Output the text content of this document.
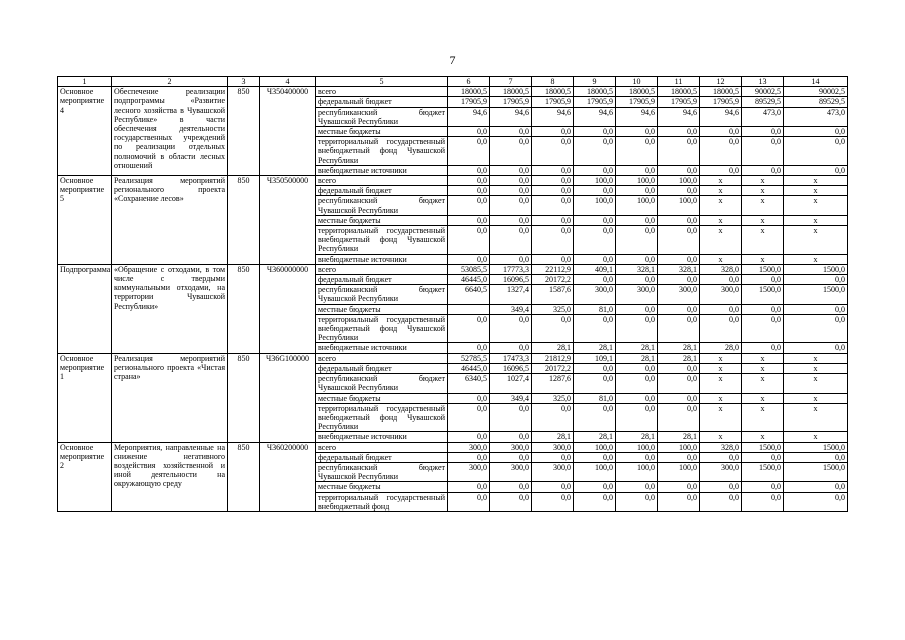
7
1	2	3	4	5	6	7	8	9	10	11	12	13	14
Основное мероприятие 4	Обеспечение реализации подпрограммы «Развитие лесного хозяйства в Чувашской Республике» в части обеспечения деятельности государственных учреждений по реализации отдельных полномочий в области лесных отношений	850	Ч350400000	всего	18000,5	18000,5	18000,5	18000,5	18000,5	18000,5	18000,5	90002,5	90002,5
				федеральный бюджет	17905,9	17905,9	17905,9	17905,9	17905,9	17905,9	17905,9	89529,5	89529,5
				республиканский бюджет Чувашской Республики	94,6	94,6	94,6	94,6	94,6	94,6	94,6	473,0	473,0
				местные бюджеты	0,0	0,0	0,0	0,0	0,0	0,0	0,0	0,0	0,0
				территориальный государственный внебюджетный фонд Чувашской Республики	0,0	0,0	0,0	0,0	0,0	0,0	0,0	0,0	0,0
				внебюджетные источники	0,0	0,0	0,0	0,0	0,0	0,0	0,0	0,0	0,0
Основное мероприятие 5	Реализация мероприятий регионального проекта «Сохранение лесов»	850	Ч350500000	всего	0,0	0,0	0,0	100,0	100,0	100,0	x	x	x
				федеральный бюджет	0,0	0,0	0,0	0,0	0,0	0,0	x	x	x
				республиканский бюджет Чувашской Республики	0,0	0,0	0,0	100,0	100,0	100,0	x	x	x
				местные бюджеты	0,0	0,0	0,0	0,0	0,0	0,0	x	x	x
				территориальный государственный внебюджетный фонд Чувашской Республики	0,0	0,0	0,0	0,0	0,0	0,0	x	x	x
				внебюджетные источники	0,0	0,0	0,0	0,0	0,0	0,0	x	x	x
Подпрограмма	«Обращение с отходами, в том числе с твердыми коммунальными отходами, на территории Чувашской Республики»	850	Ч360000000	всего	53085,5	17773,3	22112,9	409,1	328,1	328,1	328,0	1500,0	1500,0
				федеральный бюджет	46445,0	16096,5	20172,2	0,0	0,0	0,0	0,0	0,0	0,0
				республиканский бюджет Чувашской Республики	6640,5	1327,4	1587,6	300,0	300,0	300,0	300,0	1500,0	1500,0
				местные бюджеты		349,4	325,0	81,0	0,0	0,0	0,0	0,0	0,0
				территориальный государственный внебюджетный фонд Чувашской Республики	0,0	0,0	0,0	0,0	0,0	0,0	0,0	0,0	0,0
				внебюджетные источники	0,0	0,0	28,1	28,1	28,1	28,1	28,0	0,0	0,0
Основное мероприятие 1	Реализация мероприятий регионального проекта «Чистая страна»	850	Ч36G100000	всего	52785,5	17473,3	21812,9	109,1	28,1	28,1	x	x	x
				федеральный бюджет	46445,0	16096,5	20172,2	0,0	0,0	0,0	x	x	x
				республиканский бюджет Чувашской Республики	6340,5	1027,4	1287,6	0,0	0,0	0,0	x	x	x
				местные бюджеты	0,0	349,4	325,0	81,0	0,0	0,0	x	x	x
				территориальный государственный внебюджетный фонд Чувашской Республики	0,0	0,0	0,0	0,0	0,0	0,0	x	x	x
				внебюджетные источники	0,0	0,0	28,1	28,1	28,1	28,1	x	x	x
Основное мероприятие 2	Мероприятия, направленные на снижение негативного воздействия хозяйственной и иной деятельности на окружающую среду	850	Ч360200000	всего	300,0	300,0	300,0	100,0	100,0	100,0	328,0	1500,0	1500,0
				федеральный бюджет	0,0	0,0	0,0	0,0	0,0	0,0	0,0	0,0	0,0
				республиканский бюджет Чувашской Республики	300,0	300,0	300,0	100,0	100,0	100,0	300,0	1500,0	1500,0
				местные бюджеты	0,0	0,0	0,0	0,0	0,0	0,0	0,0	0,0	0,0
				территориальный государственный внебюджетный фонд	0,0	0,0	0,0	0,0	0,0	0,0	0,0	0,0	0,0
